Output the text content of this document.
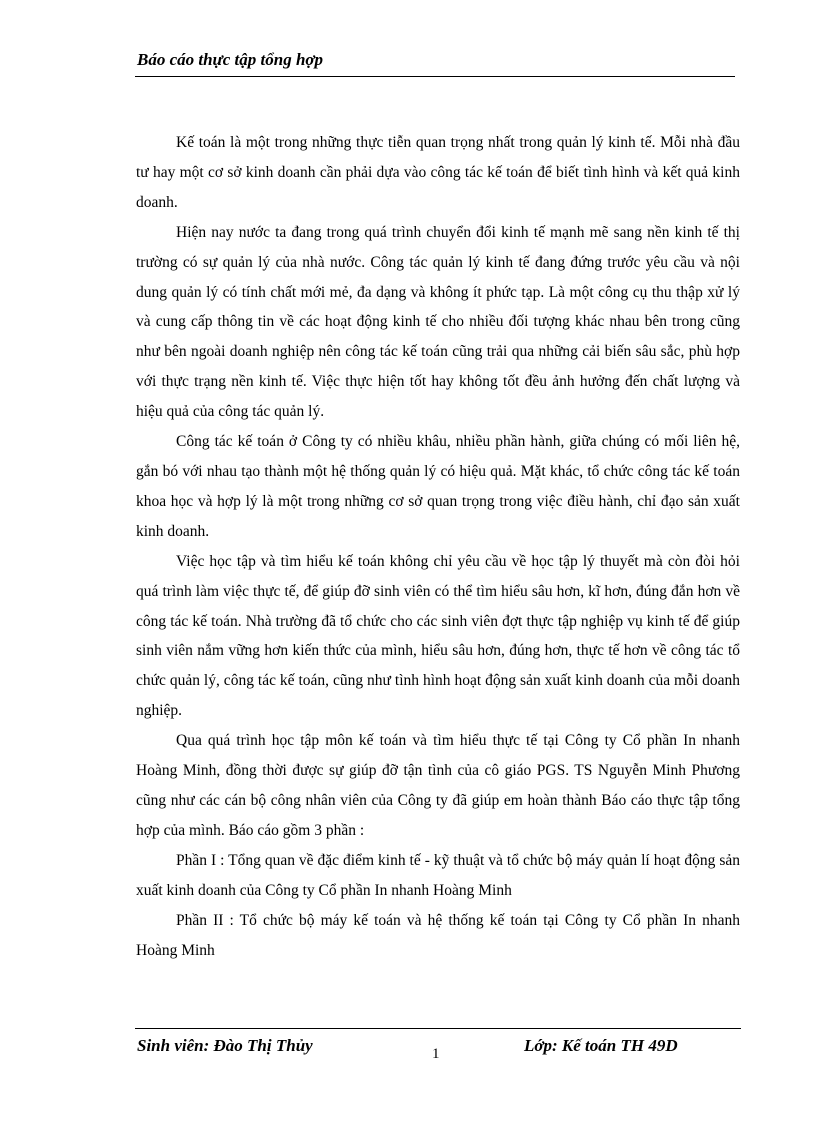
Báo cáo thực tập tổng hợp

Kế toán là một trong những thực tiễn quan trọng nhất trong quản lý kinh tế. Mỗi nhà đầu tư hay một cơ sở kinh doanh cần phải dựa vào công tác kế toán để biết tình hình và kết quả kinh doanh.

Hiện nay nước ta đang trong quá trình chuyển đổi kinh tế mạnh mẽ sang nền kinh tế thị trường có sự quản lý của nhà nước. Công tác quản lý kinh tế đang đứng trước yêu cầu và nội dung quản lý có tính chất mới mẻ, đa dạng và không ít phức tạp. Là một công cụ thu thập xử lý và cung cấp thông tin về các hoạt động kinh tế cho nhiều đối tượng khác nhau bên trong cũng như bên ngoài doanh nghiệp nên công tác kế toán cũng trải qua những cải biến sâu sắc, phù hợp với thực trạng nền kinh tế. Việc thực hiện tốt hay không tốt đều ảnh hưởng đến chất lượng và hiệu quả của công tác quản lý.

Công tác kế toán ở Công ty có nhiều khâu, nhiều phần hành, giữa chúng có mối liên hệ, gắn bó với nhau tạo thành một hệ thống quản lý có hiệu quả. Mặt khác, tổ chức công tác kế toán khoa học và hợp lý là một trong những cơ sở quan trọng trong việc điều hành, chỉ đạo sản xuất kinh doanh.

Việc học tập và tìm hiểu kế toán không chỉ yêu cầu về học tập lý thuyết mà còn đòi hỏi quá trình làm việc thực tế, để giúp đỡ sinh viên có thể tìm hiểu sâu hơn, kĩ hơn, đúng đắn hơn về công tác kế toán. Nhà trường đã tổ chức cho các sinh viên đợt thực tập nghiệp vụ kinh tế để giúp sinh viên nắm vững hơn kiến thức của mình, hiểu sâu hơn, đúng hơn, thực tế hơn về công tác tổ chức quản lý, công tác kế toán, cũng như tình hình hoạt động sản xuất kinh doanh của mỗi doanh nghiệp.

Qua quá trình học tập môn kế toán và tìm hiểu thực tế tại Công ty Cổ phần In nhanh Hoàng Minh, đồng thời được sự giúp đỡ tận tình của cô giáo PGS. TS Nguyễn Minh Phương cũng như các cán bộ công nhân viên của Công ty đã giúp em hoàn thành Báo cáo thực tập tổng hợp của mình. Báo cáo gồm 3 phần :

Phần I : Tổng quan về đặc điểm kinh tế - kỹ thuật và tổ chức bộ máy quản lí hoạt động sản xuất kinh doanh của Công ty Cổ phần In nhanh Hoàng Minh

Phần II : Tổ chức bộ máy kế toán và hệ thống kế toán tại Công ty Cổ phần In nhanh Hoàng Minh

Sinh viên: Đào Thị Thủy	1	Lớp: Kế toán TH 49D
